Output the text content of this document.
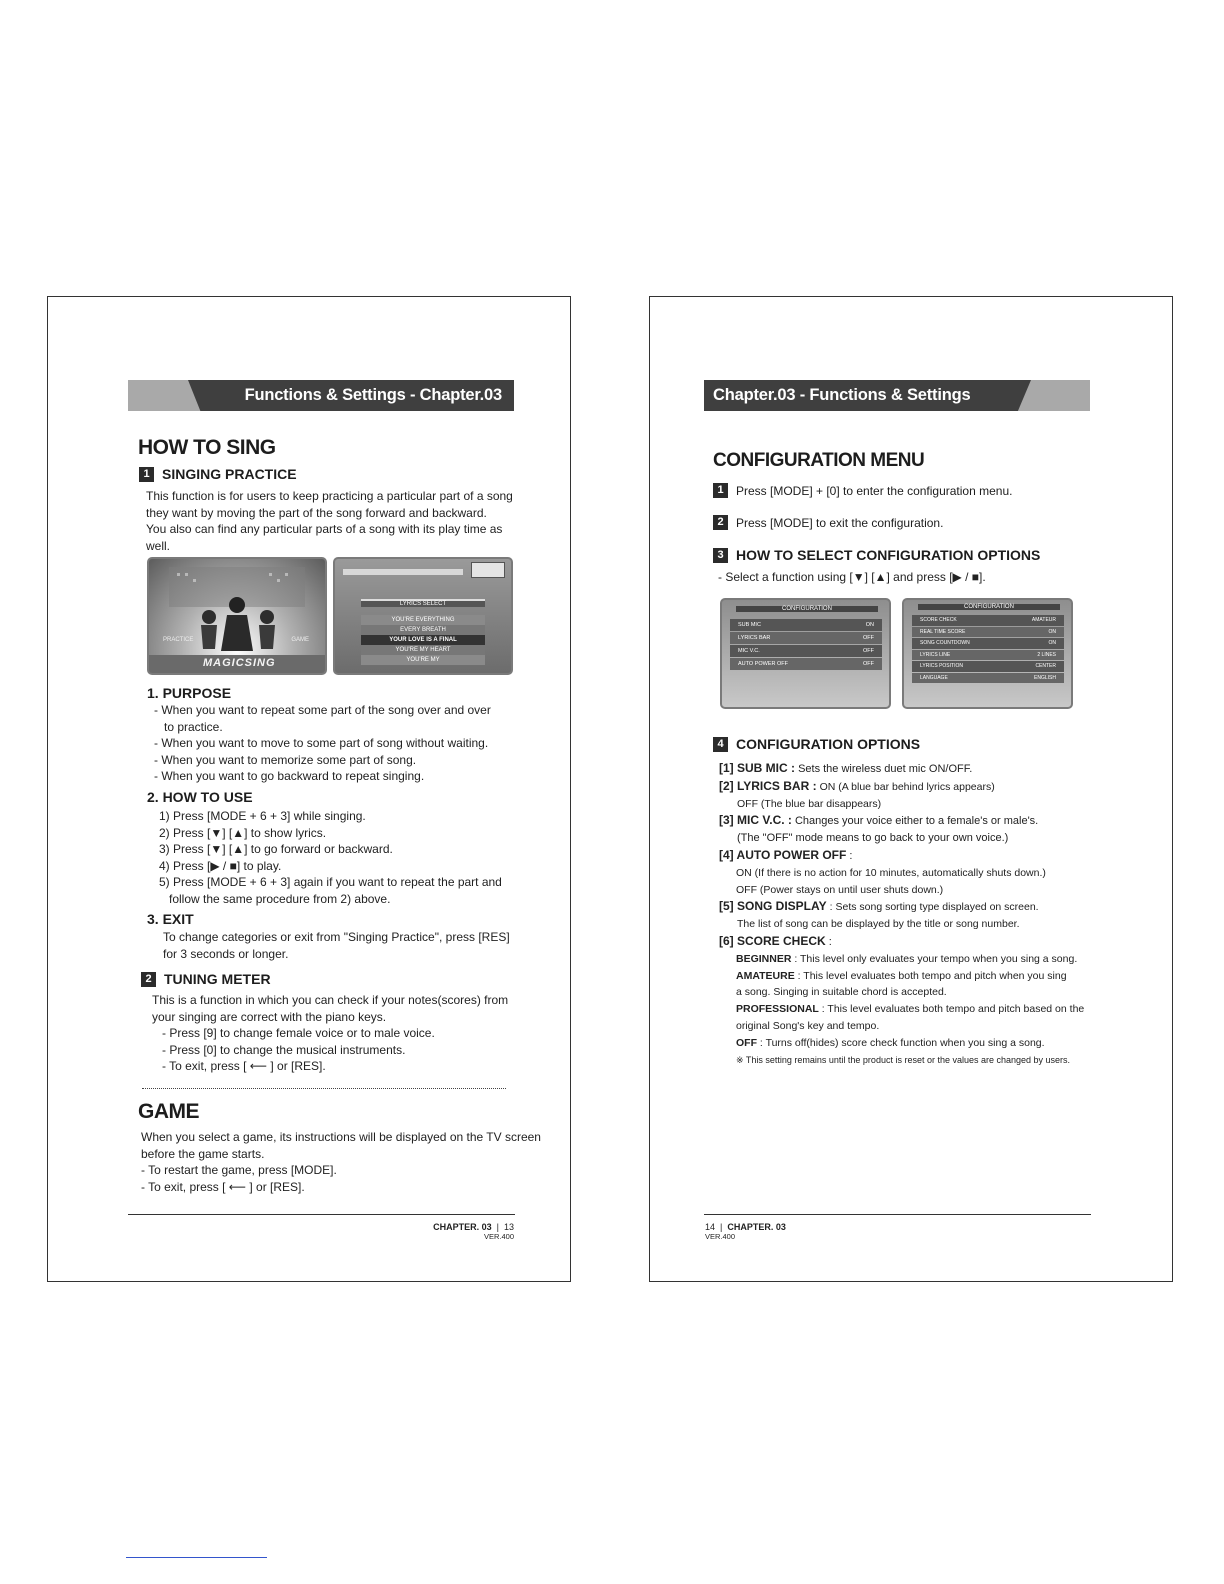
Functions & Settings - Chapter.03
HOW TO SING
1 SINGING PRACTICE
This function is for users to keep practicing a particular part of a song
they want by moving the part of the song forward and backward.
You also can find any particular parts of a song with its play time as
well.
PRACTICE	GAME
MAGICSING
LYRICS SELECT
YOU'RE EVERYTHING
EVERY BREATH
YOUR LOVE IS A FINAL
YOU'RE MY HEART
YOU'RE MY
1. PURPOSE
- When you want to repeat some part of the song over and over
to practice.
- When you want to move to some part of song without waiting.
- When you want to memorize some part of song.
- When you want to go backward to repeat singing.
2. HOW TO USE
1) Press [MODE + 6 + 3] while singing.
2) Press [▼] [▲] to show lyrics.
3) Press [▼] [▲] to go forward or backward.
4) Press [▶ / ■] to play.
5) Press [MODE + 6 + 3] again if you want to repeat the part and
follow the same procedure from 2) above.
3. EXIT
To change categories or exit from "Singing Practice", press [RES]
for 3 seconds or longer.
2 TUNING METER
This is a function in which you can check if your notes(scores) from
your singing are correct with the piano keys.
- Press [9] to change female voice or to male voice.
- Press [0] to change the musical instruments.
- To exit, press [ ⟵ ] or [RES].
GAME
When you select a game, its instructions will be displayed on the TV screen
before the game starts.
- To restart the game, press [MODE].
- To exit, press [ ⟵ ] or [RES].
CHAPTER. 03  |  13
VER.400
Chapter.03 - Functions & Settings
CONFIGURATION MENU
1	Press [MODE] + [0] to enter the configuration menu.
2	Press [MODE] to exit the configuration.
3 HOW TO SELECT CONFIGURATION OPTIONS
- Select a function using [▼] [▲] and press [▶ / ■].
CONFIGURATION
SUB MIC	ON
LYRICS BAR	OFF
MIC V.C.	OFF
AUTO POWER OFF	OFF
CONFIGURATION
SCORE CHECK	AMATEUR
REAL TIME SCORE	ON
SONG COUNTDOWN	ON
LYRICS LINE	2 LINES
LYRICS POSITION	CENTER
LANGUAGE	ENGLISH
4 CONFIGURATION OPTIONS
[1] SUB MIC : Sets the wireless duet mic ON/OFF.
[2] LYRICS BAR : ON (A blue bar behind lyrics appears)
OFF (The blue bar disappears)
[3] MIC V.C. : Changes your voice either to a female's or male's.
(The "OFF" mode means to go back to your own voice.)
[4] AUTO POWER OFF :
ON (If there is no action for 10 minutes, automatically shuts down.)
OFF (Power stays on until user shuts down.)
[5] SONG DISPLAY : Sets song sorting type displayed on screen.
The list of song can be displayed by the title or song number.
[6] SCORE CHECK :
BEGINNER : This level only evaluates your tempo when you sing a song.
AMATEURE : This level evaluates both tempo and pitch when you sing
a song. Singing in suitable chord is accepted.
PROFESSIONAL : This level evaluates both tempo and pitch based on the
original Song's key and tempo.
OFF : Turns off(hides) score check function when you sing a song.
※ This setting remains until the product is reset or the values are changed by users.
14  |  CHAPTER. 03
VER.400
